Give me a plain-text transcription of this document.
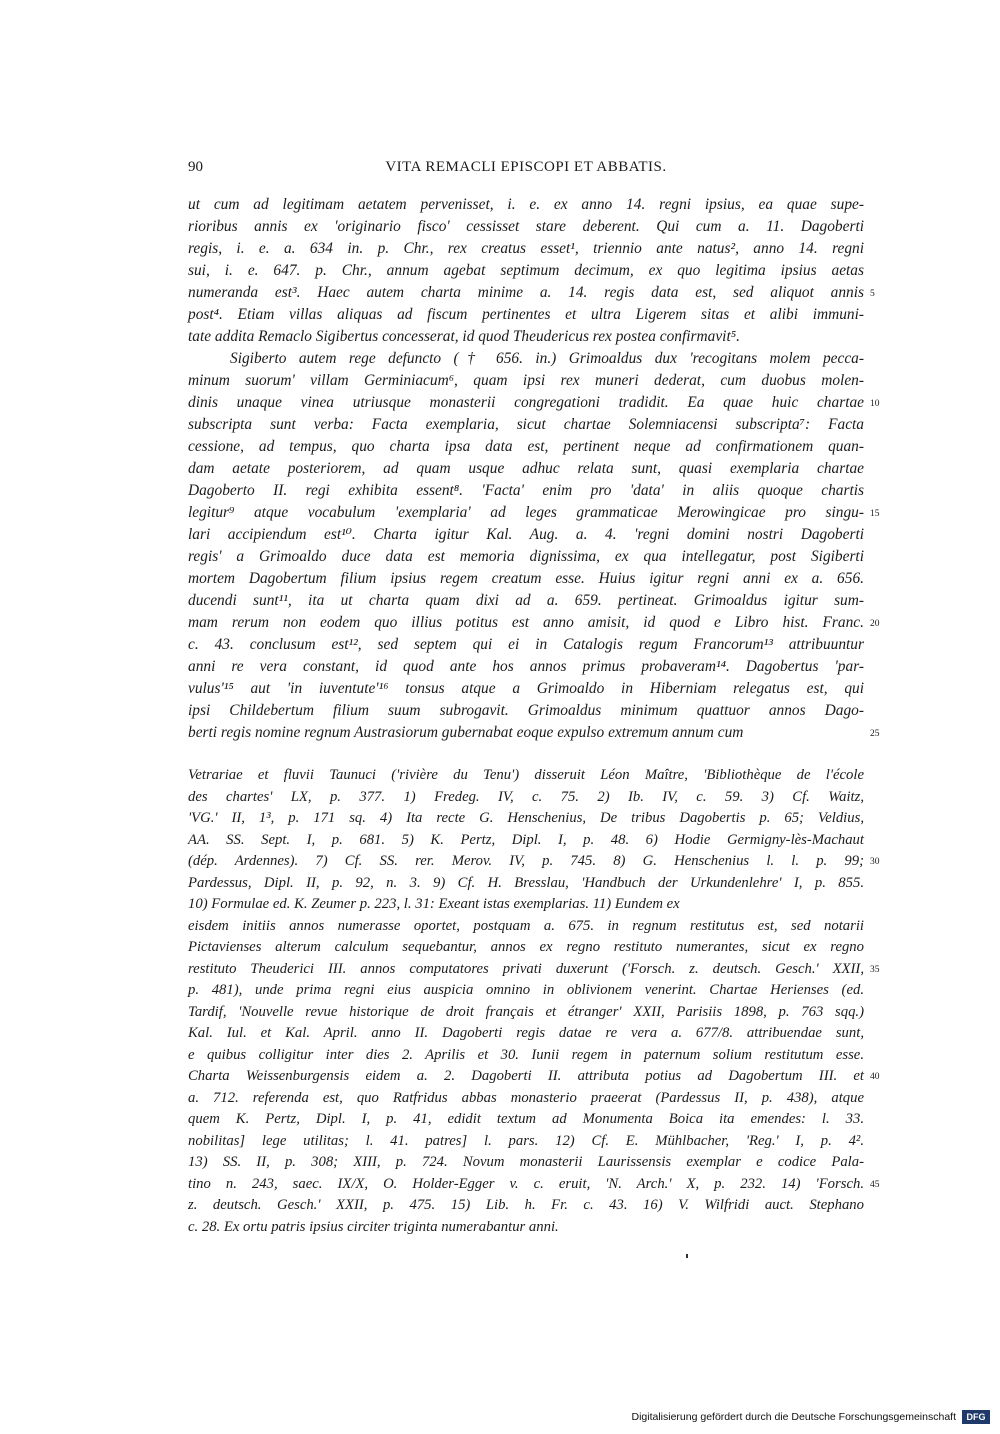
90	VITA REMACLI EPISCOPI ET ABBATIS.
ut cum ad legitimam aetatem pervenisset, i. e. ex anno 14. regni ipsius, ea quae supe-
rioribus annis ex 'originario fisco' cessisset stare deberent. Qui cum a. 11. Dagoberti
regis, i. e. a. 634 in. p. Chr., rex creatus esset¹, triennio ante natus², anno 14. regni
sui, i. e. 647. p. Chr., annum agebat septimum decimum, ex quo legitima ipsius aetas
numeranda est³. Haec autem charta minime a. 14. regis data est, sed aliquot annis 5
post⁴. Etiam villas aliquas ad fiscum pertinentes et ultra Ligerem sitas et alibi immuni-
tate addita Remaclo Sigibertus concesserat, id quod Theudericus rex postea confirmavit⁵.
Sigiberto autem rege defuncto († 656. in.) Grimoaldus dux 'recogitans molem pecca-
minum suorum' villam Germiniacum⁶, quam ipsi rex muneri dederat, cum duobus molen-
dinis unaque vinea utriusque monasterii congregationi tradidit. Ea quae huic chartae 10
subscripta sunt verba: Facta exemplaria, sicut chartae Solemniacensi subscripta⁷: Facta
cessione, ad tempus, quo charta ipsa data est, pertinent neque ad confirmationem quan-
dam aetate posteriorem, ad quam usque adhuc relata sunt, quasi exemplaria chartae
Dagoberto II. regi exhibita essent⁸. 'Facta' enim pro 'data' in aliis quoque chartis
legitur⁹ atque vocabulum 'exemplaria' ad leges grammaticae Merowingicae pro singu- 15
lari accipiendum est¹⁰. Charta igitur Kal. Aug. a. 4. 'regni domini nostri Dagoberti
regis' a Grimoaldo duce data est memoria dignissima, ex qua intellegatur, post Sigiberti
mortem Dagobertum filium ipsius regem creatum esse. Huius igitur regni anni ex a. 656.
ducendi sunt¹¹, ita ut charta quam dixi ad a. 659. pertineat. Grimoaldus igitur sum-
mam rerum non eodem quo illius potitus est anno amisit, id quod e Libro hist. Franc. 20
c. 43. conclusum est¹², sed septem qui ei in Catalogis regum Francorum¹³ attribuuntur
anni re vera constant, id quod ante hos annos primus probaveram¹⁴. Dagobertus 'par-
vulus'¹⁵ aut 'in iuventute'¹⁶ tonsus atque a Grimoaldo in Hiberniam relegatus est, qui
ipsi Childebertum filium suum subrogavit. Grimoaldus minimum quattuor annos Dago-
berti regis nomine regnum Austrasiorum gubernabat eoque expulso extremum annum cum	25
Vetrariae et fluvii Taunuci ('rivière du Tenu') disseruit Léon Maître, 'Bibliothèque de l'école
des chartes' LX, p. 377. 1) Fredeg. IV, c. 75. 2) Ib. IV, c. 59. 3) Cf. Waitz,
'VG.' II, 1³, p. 171 sq. 4) Ita recte G. Henschenius, De tribus Dagobertis p. 65; Veldius,
AA. SS. Sept. I, p. 681. 5) K. Pertz, Dipl. I, p. 48. 6) Hodie Germigny-lès-Machaut
(dép. Ardennes). 7) Cf. SS. rer. Merov. IV, p. 745. 8) G. Henschenius l. l. p. 99; 30
Pardessus, Dipl. II, p. 92, n. 3. 9) Cf. H. Bresslau, 'Handbuch der Urkundenlehre' I, p. 855.
10) Formulae ed. K. Zeumer p. 223, l. 31: Exeant istas exemplarias. 11) Eundem ex
eisdem initiis annos numerasse oportet, postquam a. 675. in regnum restitutus est, sed notarii
Pictavienses alterum calculum sequebantur, annos ex regno restituto numerantes, sicut ex regno
restituto Theuderici III. annos computatores privati duxerunt ('Forsch. z. deutsch. Gesch.' XXII, 35
p. 481), unde prima regni eius auspicia omnino in oblivionem venerint. Chartae Herienses (ed.
Tardif, 'Nouvelle revue historique de droit français et étranger' XXII, Parisiis 1898, p. 763 sqq.)
Kal. Iul. et Kal. April. anno II. Dagoberti regis datae re vera a. 677/8. attribuendae sunt,
e quibus colligitur inter dies 2. Aprilis et 30. Iunii regem in paternum solium restitutum esse.
Charta Weissenburgensis eidem a. 2. Dagoberti II. attributa potius ad Dagobertum III. et 40
a. 712. referenda est, quo Ratfridus abbas monasterio praeerat (Pardessus II, p. 438), atque
quem K. Pertz, Dipl. I, p. 41, edidit textum ad Monumenta Boica ita emendes: l. 33.
nobilitas] lege utilitas; l. 41. patres] l. pars. 12) Cf. E. Mühlbacher, 'Reg.' I, p. 4².
13) SS. II, p. 308; XIII, p. 724. Novum monasterii Laurissensis exemplar e codice Pala-
tino n. 243, saec. IX/X, O. Holder-Egger v. c. eruit, 'N. Arch.' X, p. 232. 14) 'Forsch. 45
z. deutsch. Gesch.' XXII, p. 475. 15) Lib. h. Fr. c. 43. 16) V. Wilfridi auct. Stephano
c. 28. Ex ortu patris ipsius circiter triginta numerabantur anni.
Digitalisierung gefördert durch die Deutsche Forschungsgemeinschaft	DFG
